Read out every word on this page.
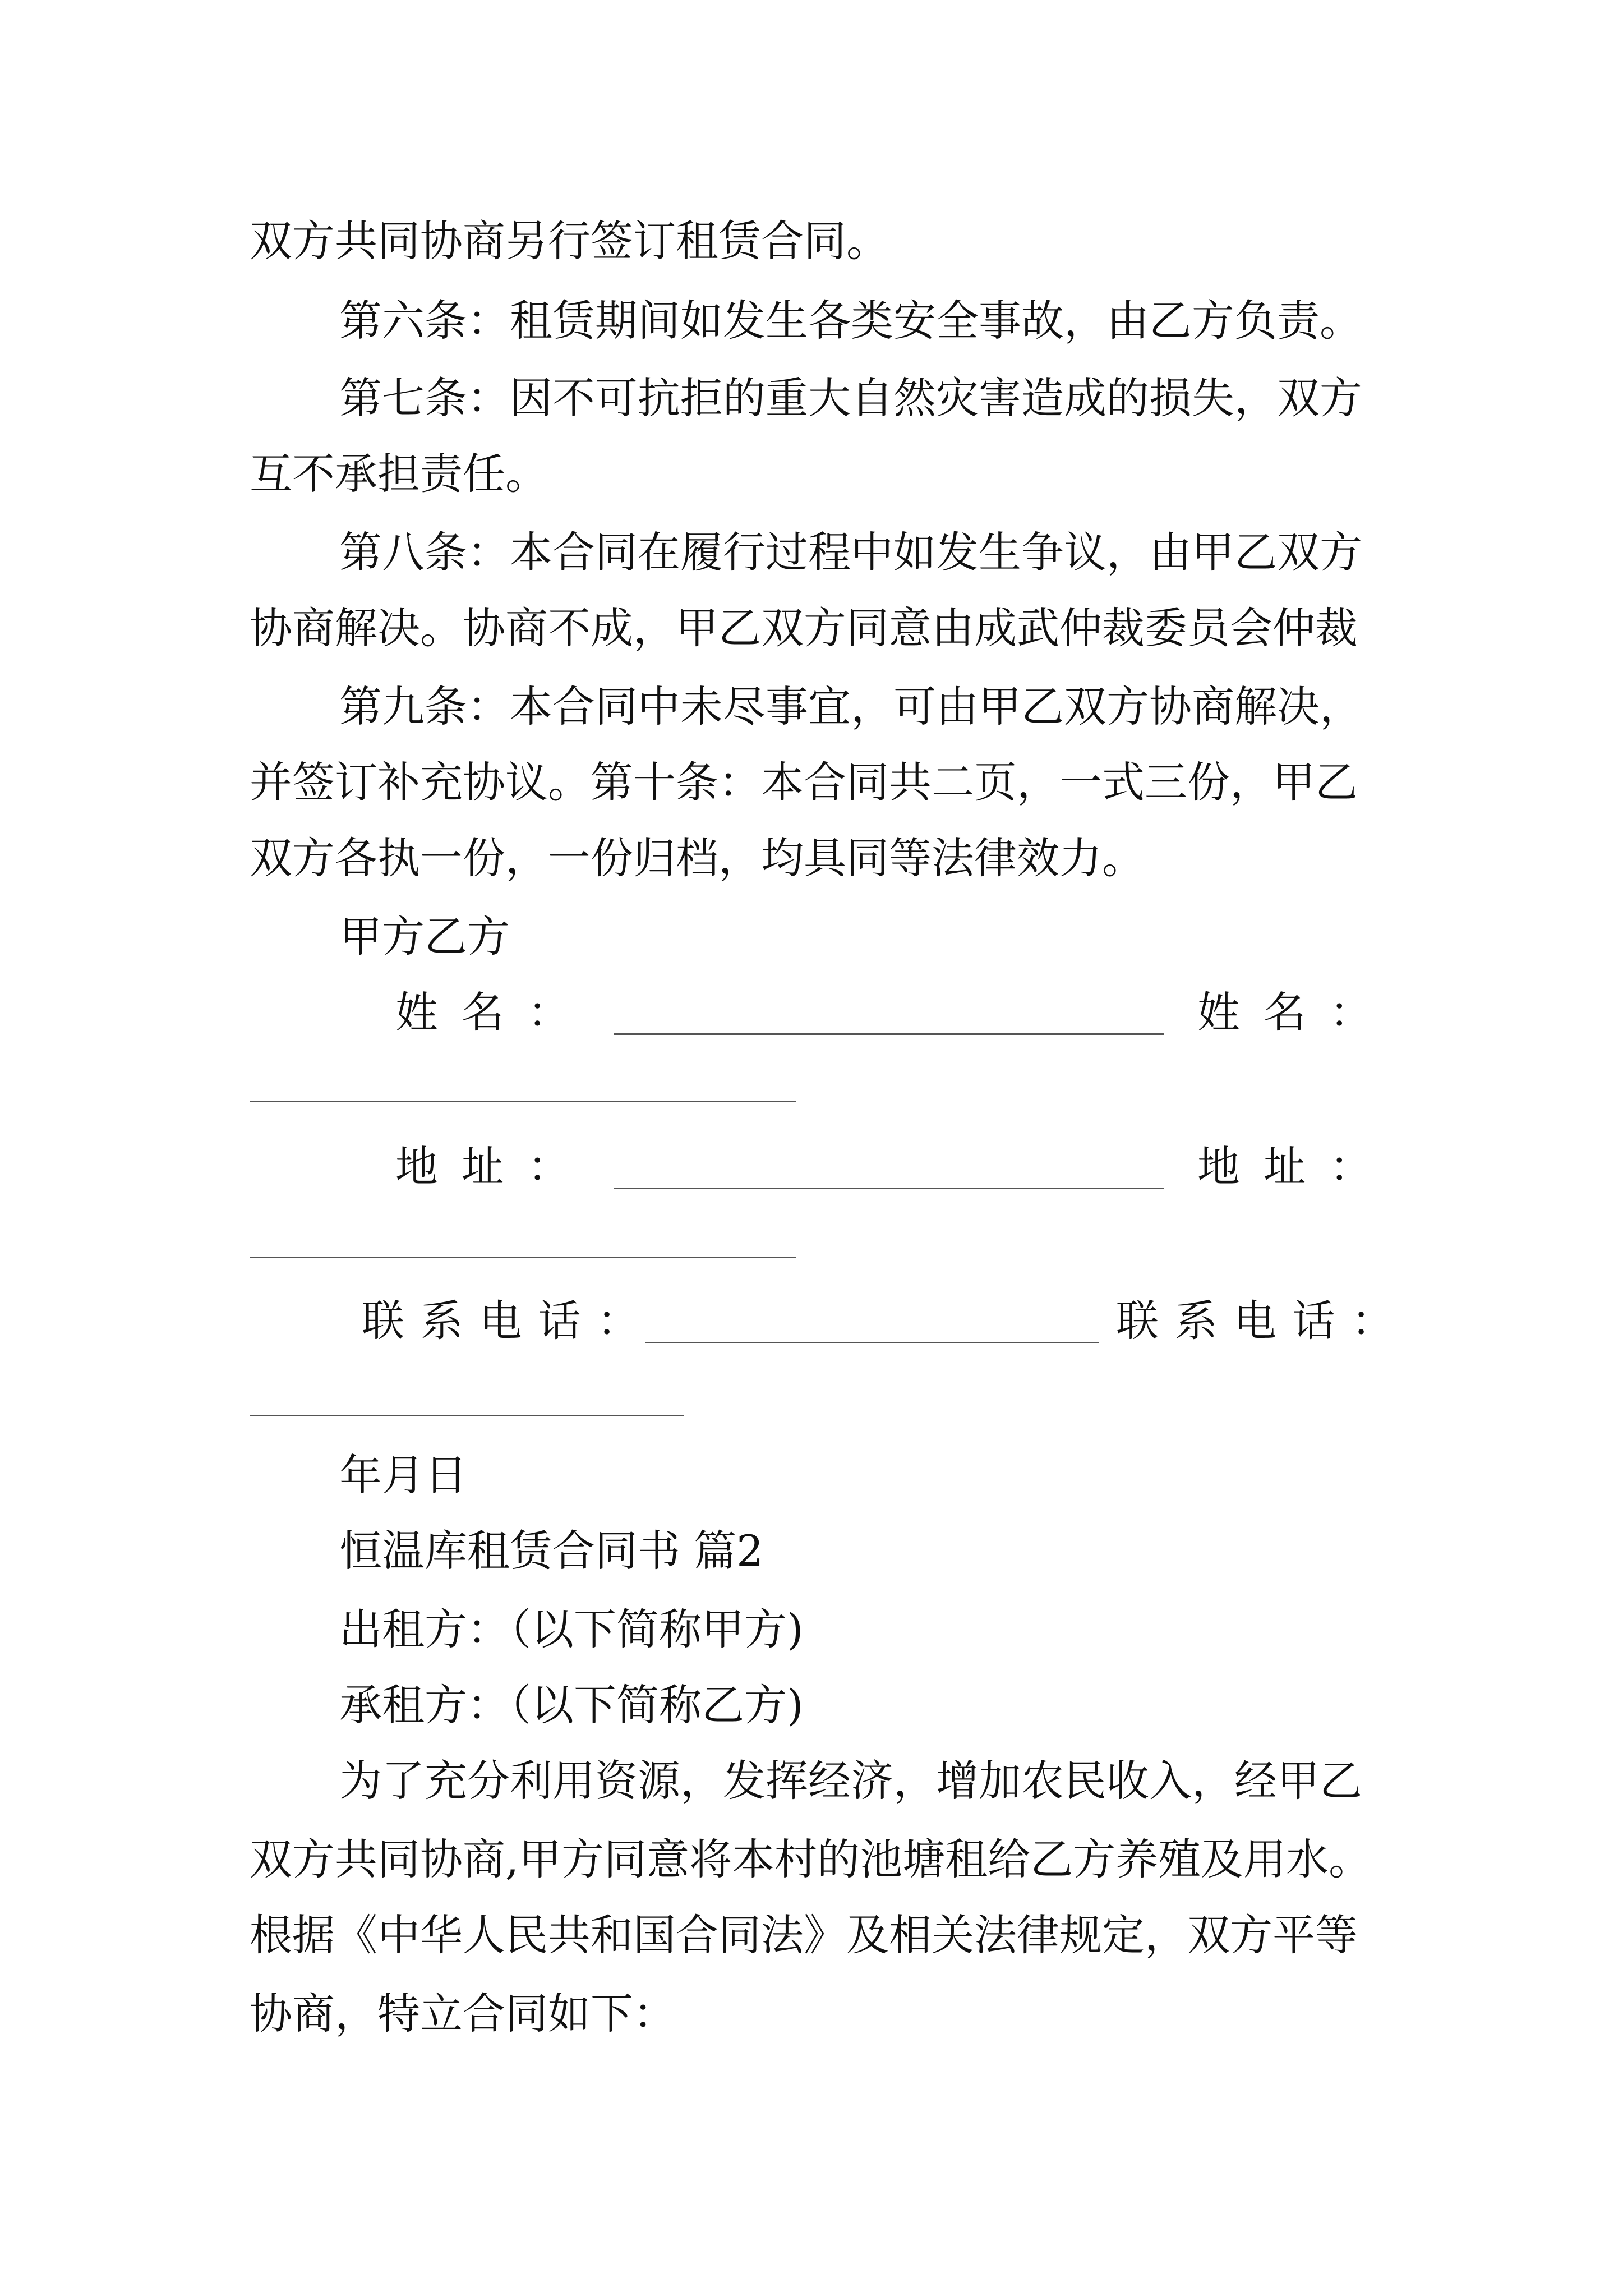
双方共同协商另行签订租赁合同。
第六条：租赁期间如发生各类安全事故，由乙方负责。
第七条：因不可抗拒的重大自然灾害造成的损失，双方
互不承担责任。
第八条：本合同在履行过程中如发生争议，由甲乙双方
协商解决。协商不成，甲乙双方同意由成武仲裁委员会仲裁
第九条：本合同中未尽事宜，可由甲乙双方协商解决，
并签订补充协议。第十条：本合同共二页，一式三份，甲乙
双方各执一份，一份归档，均具同等法律效力。
甲方乙方
姓名：	姓名：
地址：	地址：
联系电话：	联系电话：
年月日
恒温库租赁合同书 篇2
出租方：（以下简称甲方)
承租方：（以下简称乙方)
为了充分利用资源，发挥经济，增加农民收入，经甲乙
双方共同协商,甲方同意将本村的池塘租给乙方养殖及用水。
根据《中华人民共和国合同法》及相关法律规定，双方平等
协商，特立合同如下：
